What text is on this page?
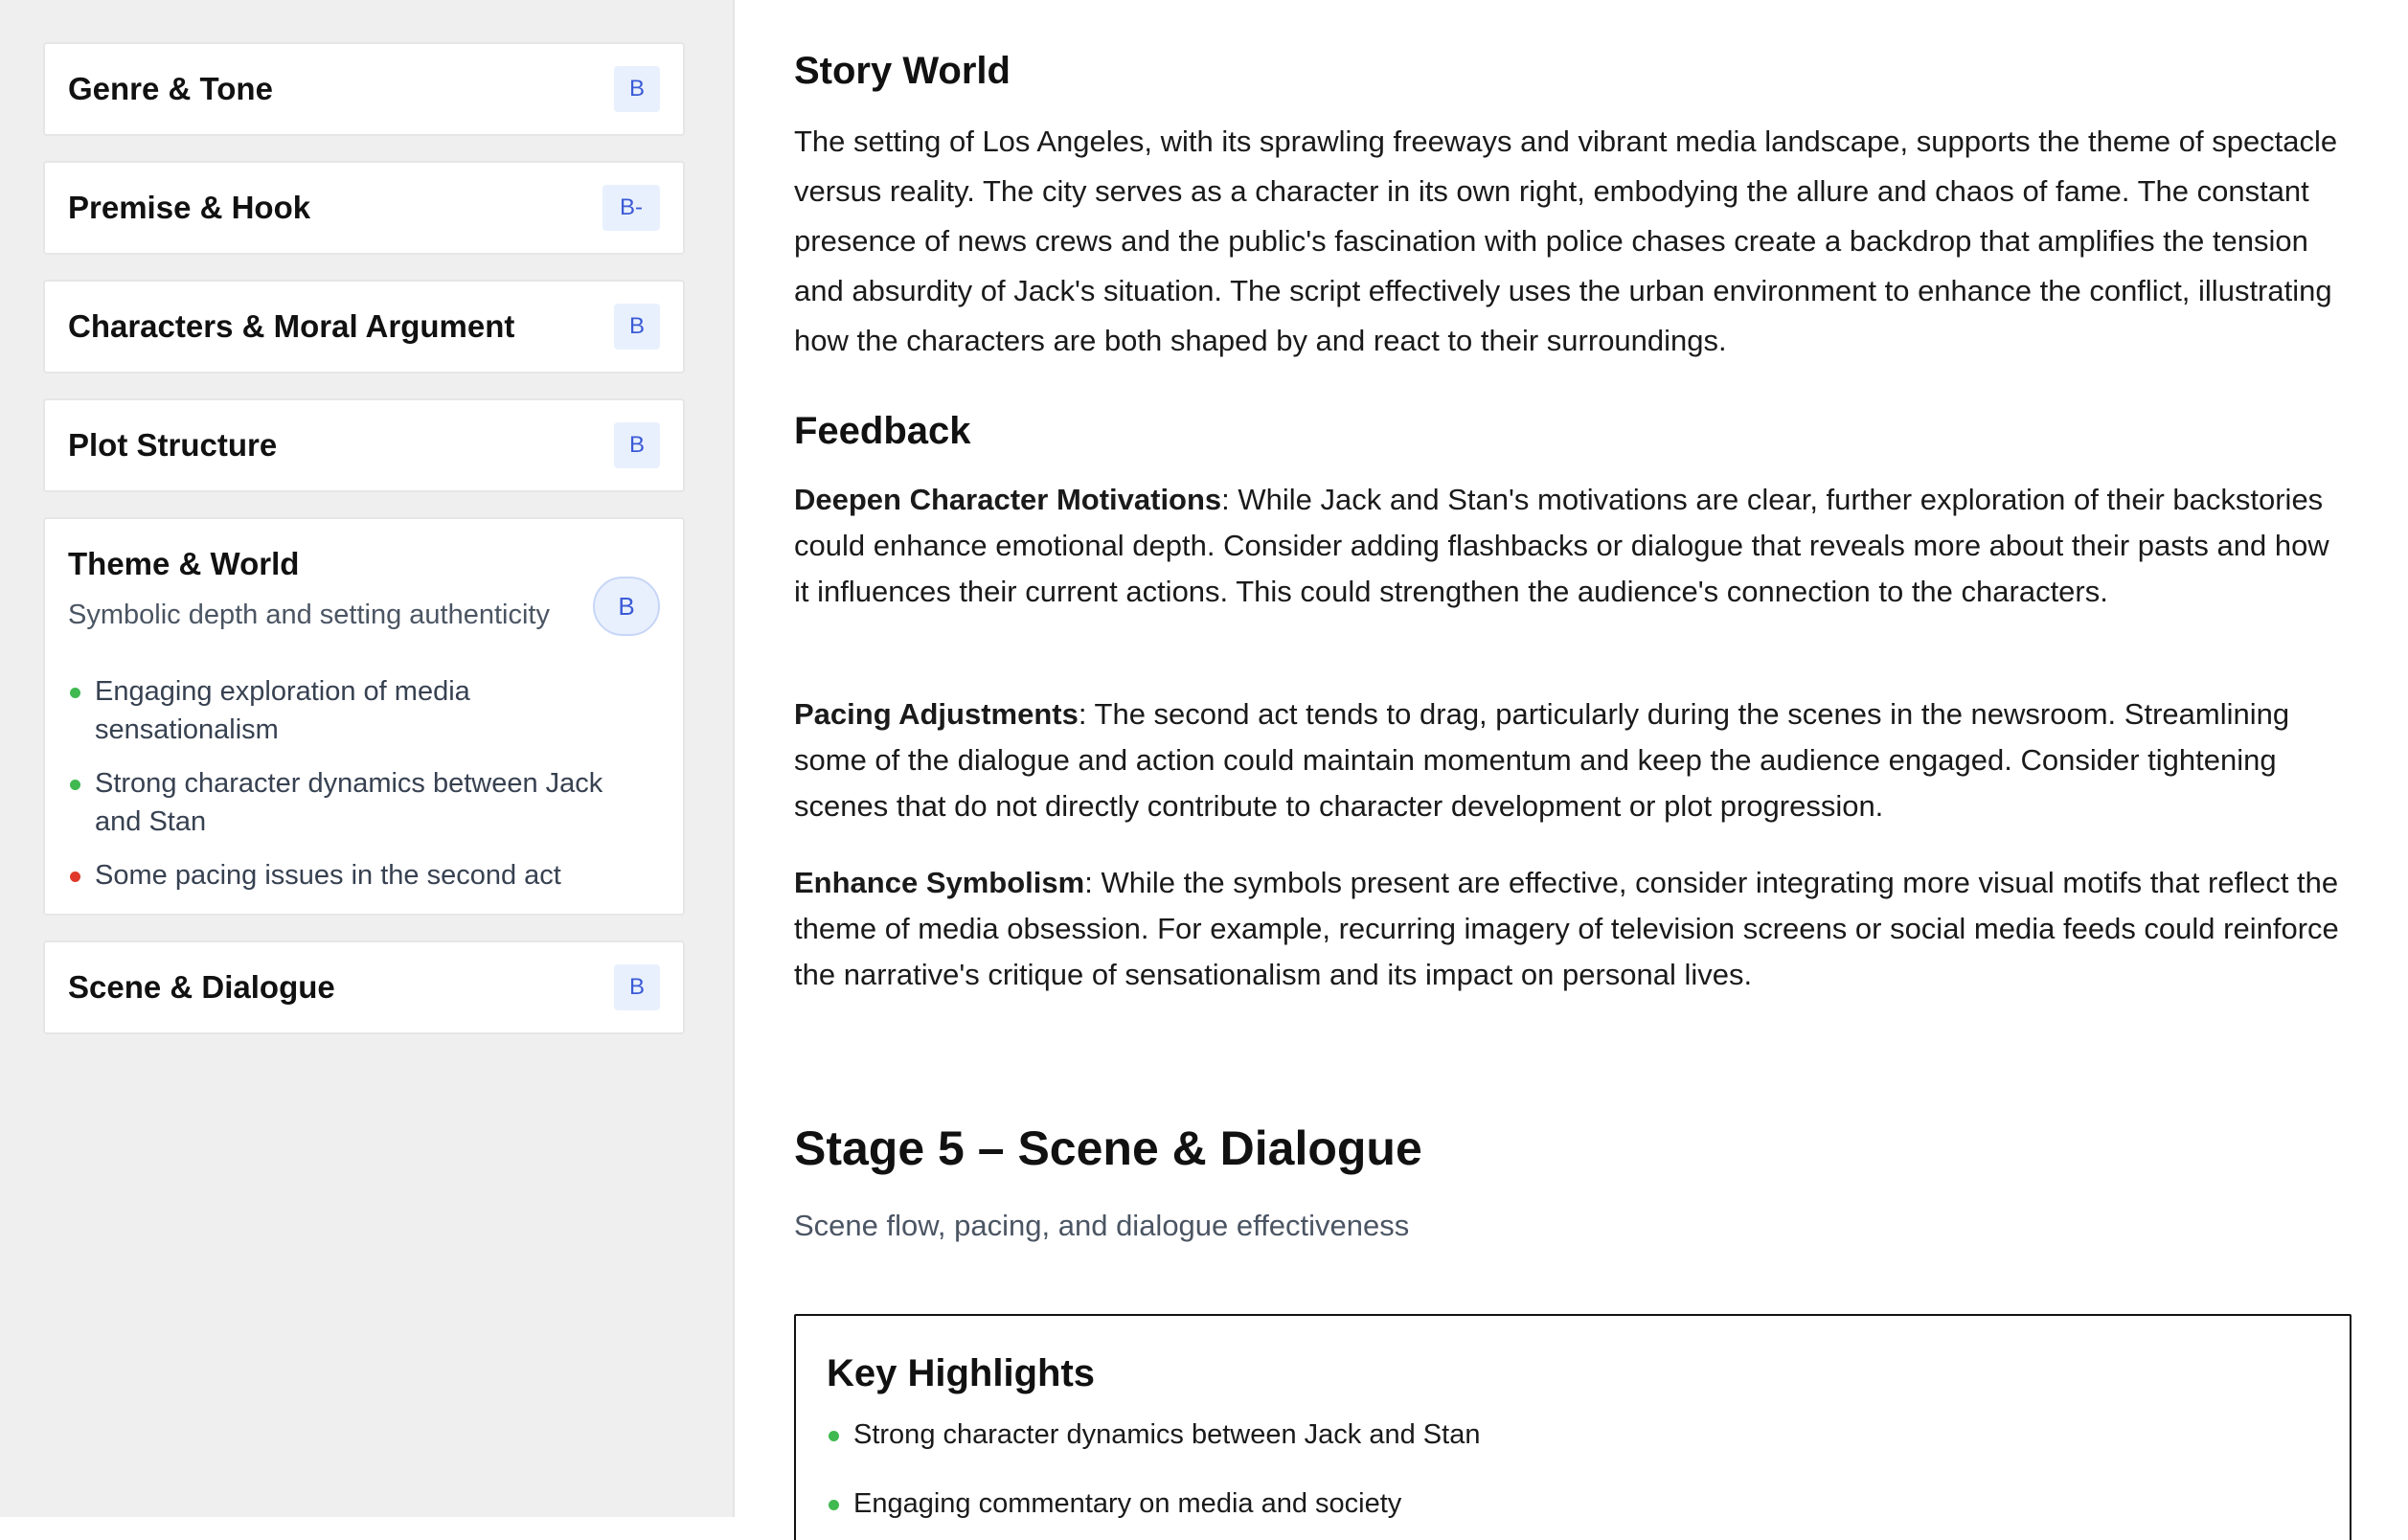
Genre & Tone	B
Premise & Hook	B-
Characters & Moral Argument	B
Plot Structure	B
Theme & World
Symbolic depth and setting authenticity	B
Engaging exploration of media sensationalism
Strong character dynamics between Jack and Stan
Some pacing issues in the second act
Scene & Dialogue	B
Story World

The setting of Los Angeles, with its sprawling freeways and vibrant media landscape, supports the theme of spectacle versus reality. The city serves as a character in its own right, embodying the allure and chaos of fame. The constant presence of news crews and the public's fascination with police chases create a backdrop that amplifies the tension and absurdity of Jack's situation. The script effectively uses the urban environment to enhance the conflict, illustrating how the characters are both shaped by and react to their surroundings.

Feedback

Deepen Character Motivations: While Jack and Stan's motivations are clear, further exploration of their backstories could enhance emotional depth. Consider adding flashbacks or dialogue that reveals more about their pasts and how it influences their current actions. This could strengthen the audience's connection to the characters.

Pacing Adjustments: The second act tends to drag, particularly during the scenes in the newsroom. Streamlining some of the dialogue and action could maintain momentum and keep the audience engaged. Consider tightening scenes that do not directly contribute to character development or plot progression.

Enhance Symbolism: While the symbols present are effective, consider integrating more visual motifs that reflect the theme of media obsession. For example, recurring imagery of television screens or social media feeds could reinforce the narrative's critique of sensationalism and its impact on personal lives.

Stage 5 – Scene & Dialogue
Scene flow, pacing, and dialogue effectiveness
Key Highlights
Strong character dynamics between Jack and Stan
Engaging commentary on media and society
